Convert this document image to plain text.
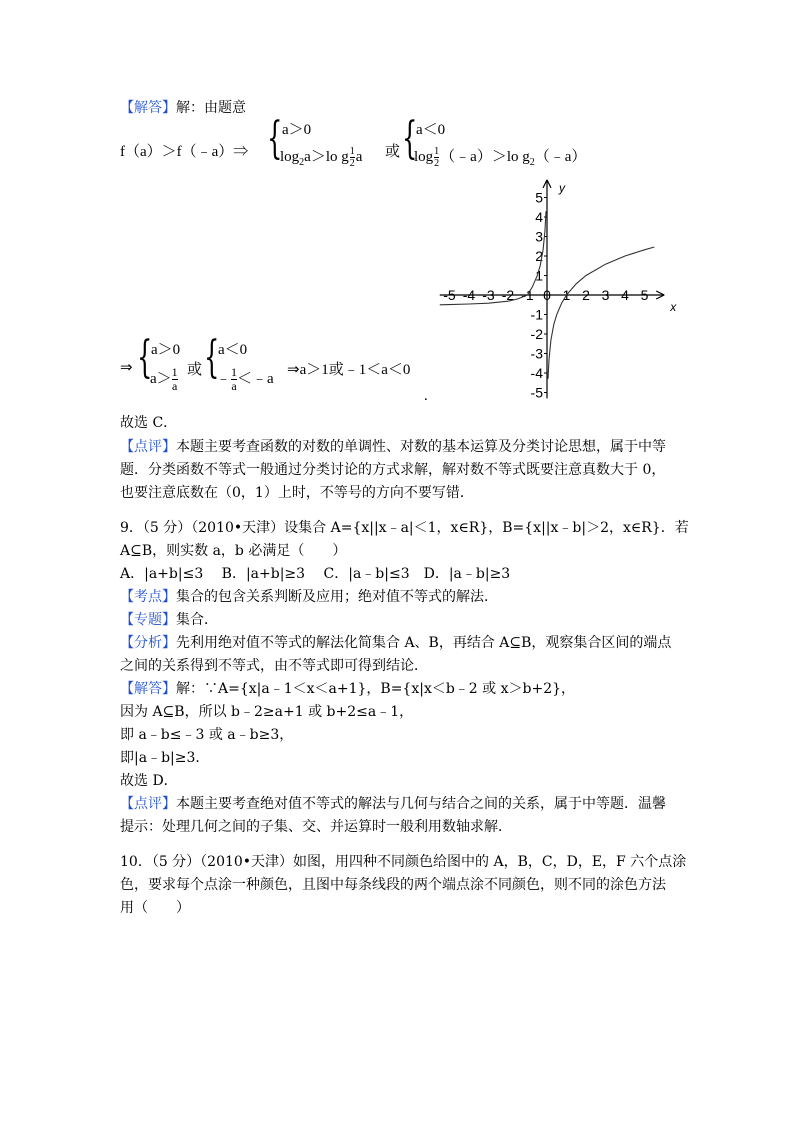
【解答】解：由题意
f（a）＞f（﹣a）⇒ { a＞0
$\log_2a>lo$ g $\frac{1}{2}$ a 或 {
a＜0
$\log \frac{1}{2}$ （﹣a）＞lo $g_2(﹣a)$
x
y
-5 -4 -3 -2 -1 0 1 2 3 4 5
5
4
3
2
1
-1
-2
-3
-4
-5
⇒ {
a＞0
$a> \frac{1}{a}$ 或 {
a＜0
﹣ $\frac{1}{a}$ ＜﹣a
⇒a＞1或﹣1＜a＜0
.
故选 C．
【点评】本题主要考查函数的对数的单调性、对数的基本运算及分类讨论思想，属于中等
题．分类函数不等式一般通过分类讨论的方式求解，解对数不等式既要注意真数大于 0，
也要注意底数在（0，1）上时，不等号的方向不要写错．
9．（5 分）（2010•天津）设集合 A={x||x﹣a|＜1，x∈R}，B={x||x﹣b|＞2，x∈R}．若
A⊆B，则实数 a，b 必满足（　　）
A．|a+b|≤3　 B．|a+b|≥3　 C．|a﹣b|≤3　D．|a﹣b|≥3
【考点】集合的包含关系判断及应用；绝对值不等式的解法．
【专题】集合．
【分析】先利用绝对值不等式的解法化简集合 A、B，再结合 A⊆B，观察集合区间的端点
之间的关系得到不等式，由不等式即可得到结论．
【解答】解：∵A={x|a﹣1＜x＜a+1}，B={x|x＜b﹣2 或 x＞b+2}，
因为 A⊆B，所以 b﹣2≥a+1 或 b+2≤a﹣1，
即 a﹣b≤﹣3 或 a﹣b≥3，
即|a﹣b|≥3．
故选 D．
【点评】本题主要考查绝对值不等式的解法与几何与结合之间的关系，属于中等题．温馨
提示：处理几何之间的子集、交、并运算时一般利用数轴求解．
10．（5 分）（2010•天津）如图，用四种不同颜色给图中的 A，B，C，D，E，F 六个点涂
色，要求每个点涂一种颜色，且图中每条线段的两个端点涂不同颜色，则不同的涂色方法
用（　　）
